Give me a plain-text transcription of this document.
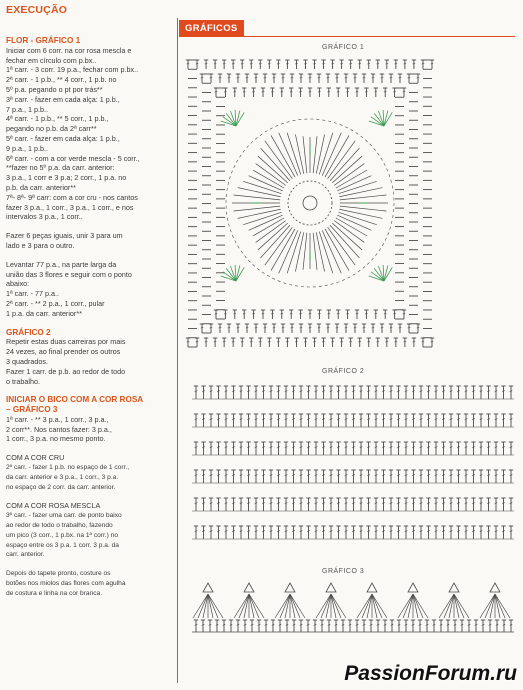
EXECUÇÃO
FLOR - GRÁFICO 1
Iniciar com 6 corr. na cor rosa mescla e
fechar em círculo com p.bx..
1ª carr. - 3 corr. 19 p.a., fechar com p.bx..
2ª carr. - 1 p.b., ** 4 corr., 1 p.b. no
5º p.a. pegando o pt por trás**
3ª carr. - fazer em cada alça: 1 p.b.,
7 p.a., 1 p.b..
4ª carr. - 1 p.b., ** 5 corr., 1 p.b.,
pegando no p.b. da 2ª carr**
5ª carr. - fazer em cada alça: 1 p.b.,
9 p.a., 1 p.b..
6ª carr. - com a cor verde mescla - 5 corr.,
**fazer no 5º p.a. da carr. anterior:
3 p.a., 1 corr e 3 p.a; 2 corr., 1 p.a. no
p.b. da carr. anterior**
7ª- 8ª- 9ª carr: com a cor cru - nos cantos
fazer 3 p.a., 1 corr., 3 p.a., 1 corr., e nos
intervalos 3 p.a., 1 corr..
Fazer 6 peças iguais, unir 3 para um
lado e 3 para o outro.
Levantar 77 p.a., na parte larga da
união das 3 flores e seguir com o ponto
abaixo:
1ª carr. - 77 p.a..
2ª carr. - ** 2 p.a., 1 corr., pular
1 p.a. da carr. anterior**
GRÁFICO 2
Repetir estas duas carreiras por mais
24 vezes, ao final prender os outros
3 quadrados.
Fazer 1 carr. de p.b. ao redor de todo
o trabalho.
INICIAR O BICO COM A COR ROSA
– GRÁFICO 3
1ª carr. - ** 3 p.a., 1 corr., 3 p.a.,
2 corr**. Nos cantos fazer: 3 p.a.,
1 corr., 3 p.a. no mesmo ponto.
COM A COR CRU
2ª carr. - fazer 1 p.b. no espaço de 1 corr.,
da carr. anterior e 3 p.a., 1 corr., 3 p.a.
no espaço de 2 corr. da carr. anterior.
COM A COR ROSA MESCLA
3ª carr. - fazer uma carr. de ponto baixo
ao redor de todo o trabalho, fazendo
um pico (3 corr., 1 p.bx. na 1ª corr.) no
espaço entre os 3 p.a. 1 corr. 3 p.a. da
carr. anterior.
Depois do tapete pronto, costure os
botões nos miolos das flores com agulha
de costura e linha na cor branca.
GRÁFICOS
GRÁFICO 1
GRÁFICO 2
GRÁFICO 3
PassionForum.ru
